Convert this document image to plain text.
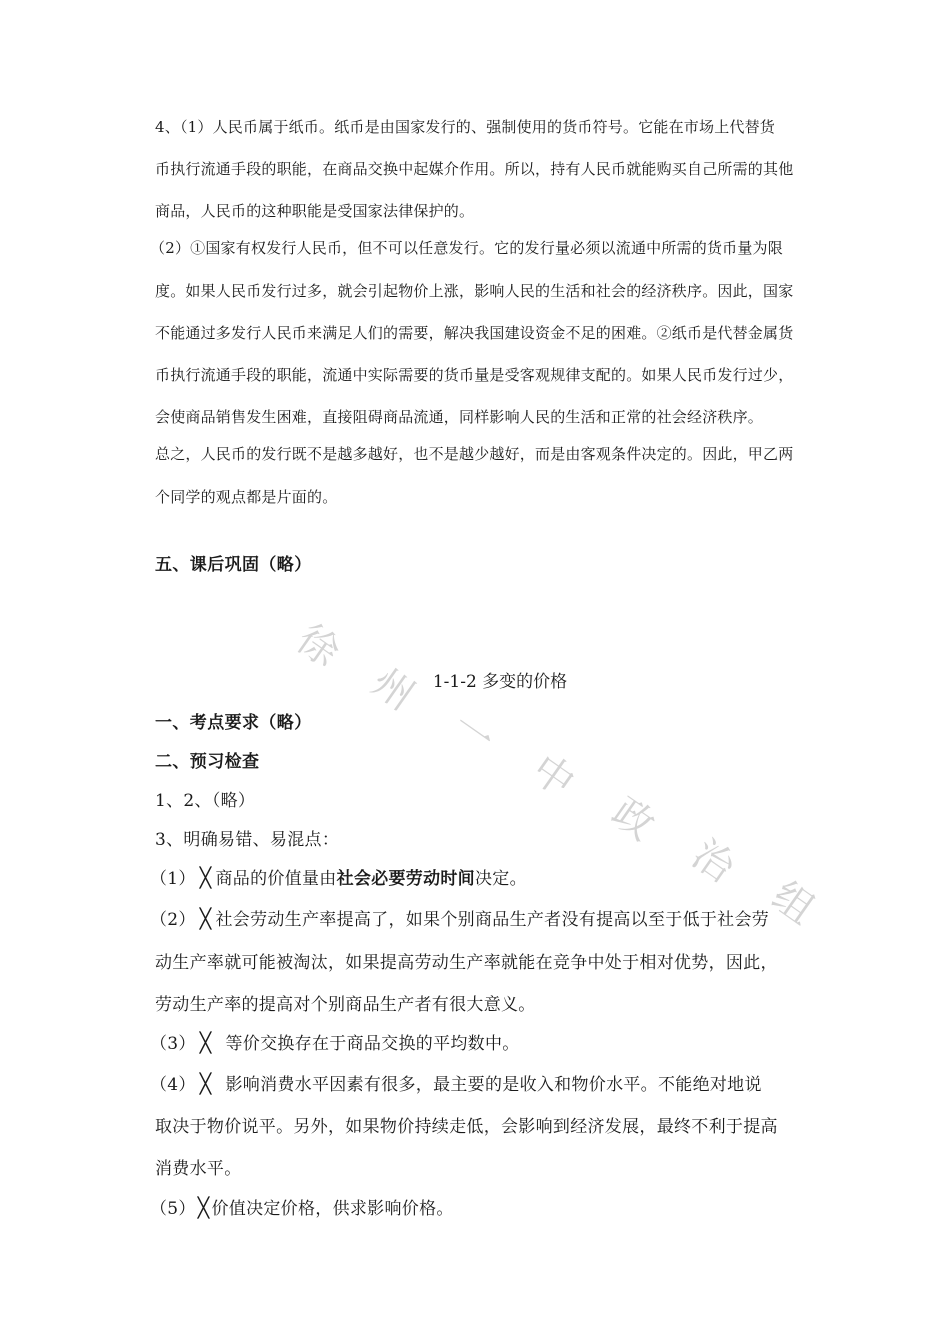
徐
州
一
中
政
治
组
4、（1）人民币属于纸币。纸币是由国家发行的、强制使用的货币符号。它能在市场上代替货
币执行流通手段的职能，在商品交换中起媒介作用。所以，持有人民币就能购买自己所需的其他
商品，人民币的这种职能是受国家法律保护的。
（2）①国家有权发行人民币，但不可以任意发行。它的发行量必须以流通中所需的货币量为限
度。如果人民币发行过多，就会引起物价上涨，影响人民的生活和社会的经济秩序。因此，国家
不能通过多发行人民币来满足人们的需要，解决我国建设资金不足的困难。②纸币是代替金属货
币执行流通手段的职能，流通中实际需要的货币量是受客观规律支配的。如果人民币发行过少，
会使商品销售发生困难，直接阻碍商品流通，同样影响人民的生活和正常的社会经济秩序。
总之，人民币的发行既不是越多越好，也不是越少越好，而是由客观条件决定的。因此，甲乙两
个同学的观点都是片面的。
五、课后巩固（略）
1-1-2 多变的价格
一、考点要求（略）
二、预习检查
1、2、（略）
3、明确易错、易混点：
（1） ╳ 商品的价值量由社会必要劳动时间决定。
（2） ╳ 社会劳动生产率提高了，如果个别商品生产者没有提高以至于低于社会劳
动生产率就可能被淘汰，如果提高劳动生产率就能在竞争中处于相对优势，因此，
劳动生产率的提高对个别商品生产者有很大意义。
（3） ╳ 等价交换存在于商品交换的平均数中。
（4） ╳ 影响消费水平因素有很多，最主要的是收入和物价水平。不能绝对地说
取决于物价说平。另外，如果物价持续走低，会影响到经济发展，最终不利于提高
消费水平。
（5） ╳ 价值决定价格，供求影响价格。
